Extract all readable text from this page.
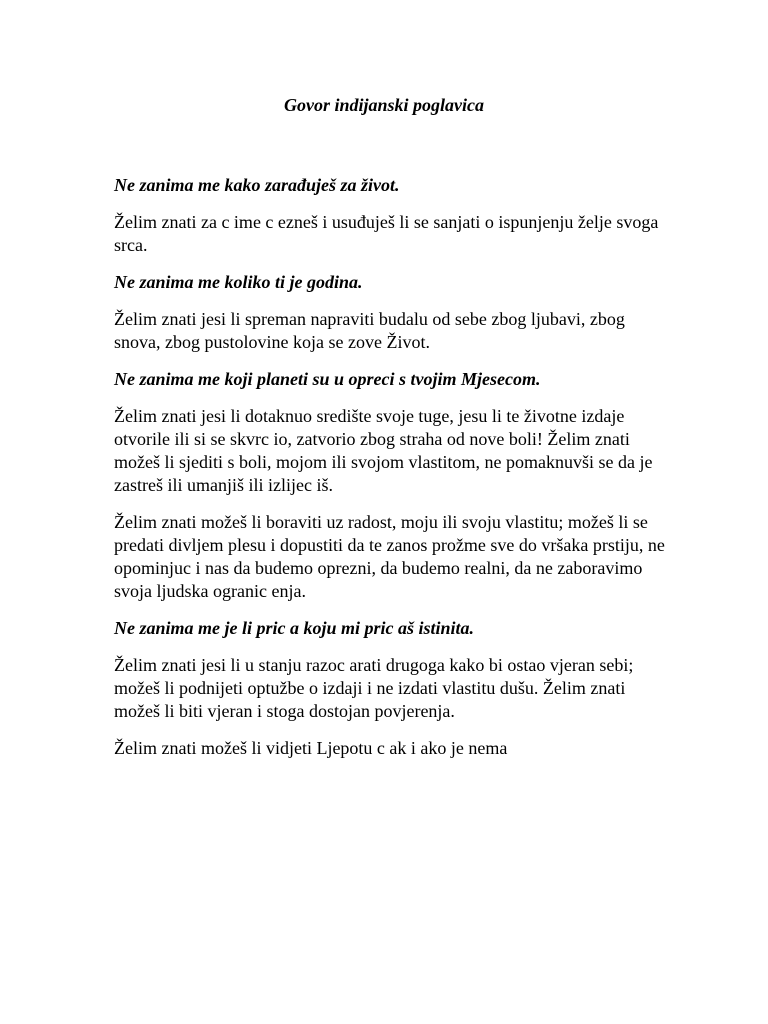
Govor indijanski poglavica

Ne zanima me kako zarađuješ za život.

Želim znati za c ime c ezneš i usuđuješ li se sanjati o ispunjenju želje svoga srca.

Ne zanima me koliko ti je godina.

Želim znati jesi li spreman napraviti budalu od sebe zbog ljubavi, zbog snova, zbog pustolovine koja se zove Život.

Ne zanima me koji planeti su u opreci s tvojim Mjesecom.

Želim znati jesi li dotaknuo središte svoje tuge, jesu li te životne izdaje otvorile ili si se skvrc io, zatvorio zbog straha od nove boli! Želim znati možeš li sjediti s boli, mojom ili svojom vlastitom, ne pomaknuvši se da je zastreš ili umanjiš ili izlijec iš.

Želim znati možeš li boraviti uz radost, moju ili svoju vlastitu; možeš li se predati divljem plesu i dopustiti da te zanos prožme sve do vršaka prstiju, ne opominjuc i nas da budemo oprezni, da budemo realni, da ne zaboravimo svoja ljudska ogranic enja.

Ne zanima me je li pric a koju mi pric aš istinita.

Želim znati jesi li u stanju razoc arati drugoga kako bi ostao vjeran sebi; možeš li podnijeti optužbe o izdaji i ne izdati vlastitu dušu. Želim znati možeš li biti vjeran i stoga dostojan povjerenja.

Želim znati možeš li vidjeti Ljepotu c ak i ako je nema
